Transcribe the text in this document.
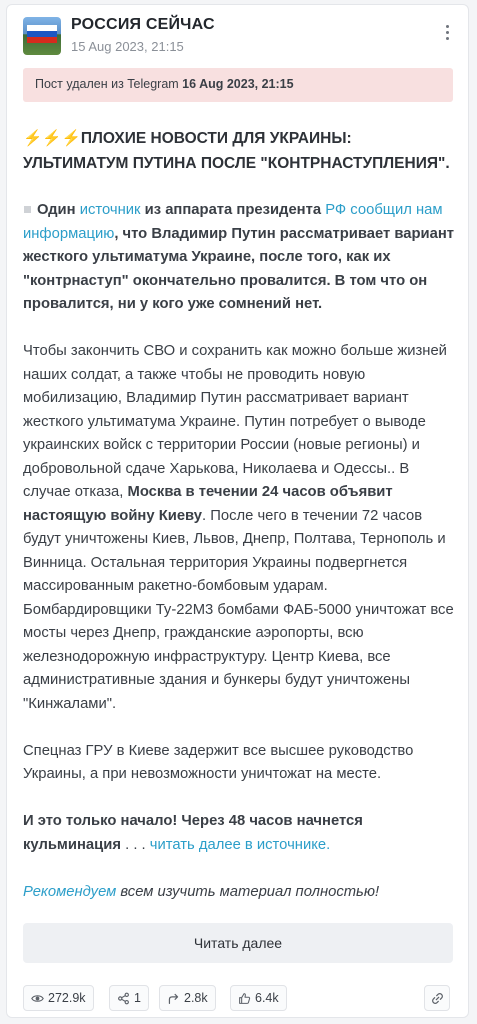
РОССИЯ СЕЙЧАС
15 Aug 2023, 21:15
Пост удален из Telegram 16 Aug 2023, 21:15

⚡⚡⚡ПЛОХИЕ НОВОСТИ ДЛЯ УКРАИНЫ: УЛЬТИМАТУМ ПУТИНА ПОСЛЕ "КОНТРНАСТУПЛЕНИЯ".

Один источник из аппарата президента РФ сообщил нам информацию, что Владимир Путин рассматривает вариант жесткого ультиматума Украине, после того, как их "контрнаступ" окончательно провалится. В том что он провалится, ни у кого уже сомнений нет.

Чтобы закончить СВО и сохранить как можно больше жизней наших солдат, а также чтобы не проводить новую мобилизацию, Владимир Путин рассматривает вариант жесткого ультиматума Украине. Путин потребует о выводе украинских войск с территории России (новые регионы) и добровольной сдаче Харькова, Николаева и Одессы.. В случае отказа, Москва в течении 24 часов объявит настоящую войну Киеву. После чего в течении 72 часов будут уничтожены Киев, Львов, Днепр, Полтава, Тернополь и Винница. Остальная территория Украины подвергнется массированным ракетно-бомбовым ударам. Бомбардировщики Ту-22М3 бомбами ФАБ-5000 уничтожат все мосты через Днепр, гражданские аэропорты, всю железнодорожную инфраструктуру. Центр Киева, все административные здания и бункеры будут уничтожены "Кинжалами".

Спецназ ГРУ в Киеве задержит все высшее руководство Украины, а при невозможности уничтожат на месте.

И это только начало! Через 48 часов начнется кульминация . . . читать далее в источнике.

Рекомендуем всем изучить материал полностью!

Читать далее
272.9k	1	2.8k	6.4k
